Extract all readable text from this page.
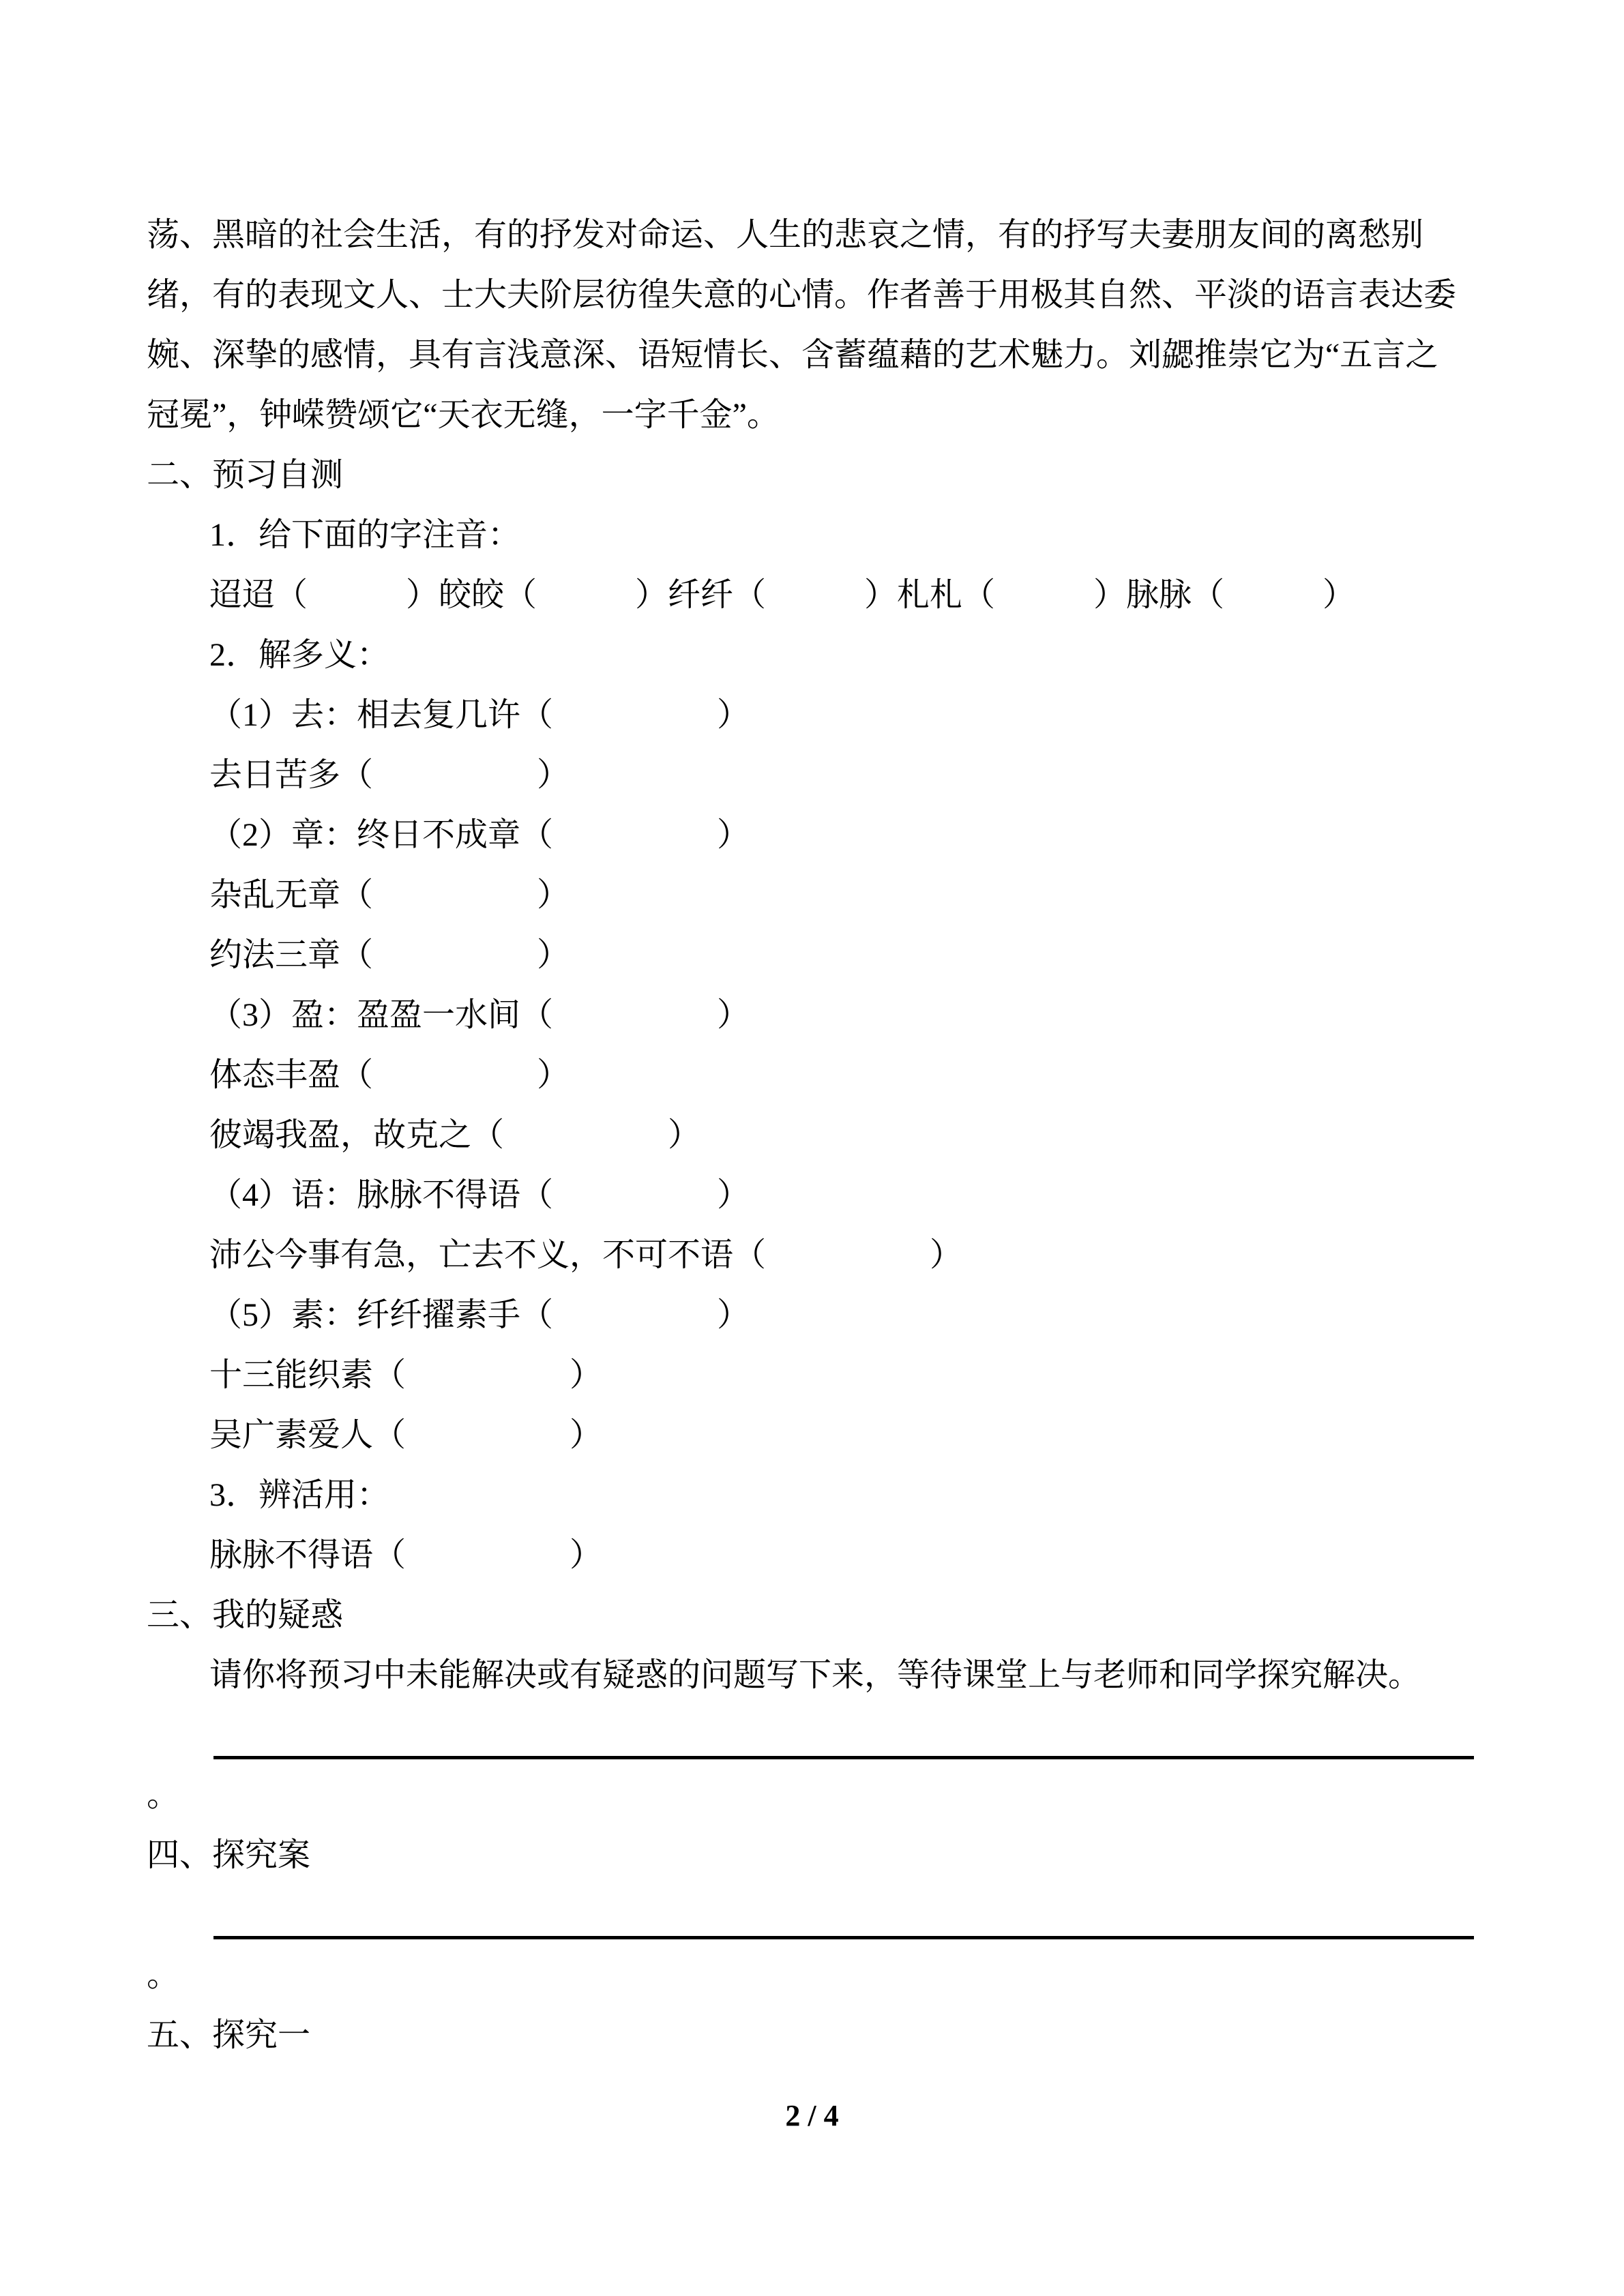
荡、黑暗的社会生活，有的抒发对命运、人生的悲哀之情，有的抒写夫妻朋友间的离愁别
绪，有的表现文人、士大夫阶层彷徨失意的心情。作者善于用极其自然、平淡的语言表达委
婉、深挚的感情，具有言浅意深、语短情长、含蓄蕴藉的艺术魅力。刘勰推崇它为“五言之
冠冕”，钟嵘赞颂它“天衣无缝，一字千金”。
二、预习自测
1．给下面的字注音：
迢迢（　　　）皎皎（　　　）纤纤（　　　）札札（　　　）脉脉（　　　）
2．解多义：
（1）去：相去复几许（　　　　　）
去日苦多（　　　　　）
（2）章：终日不成章（　　　　　）
杂乱无章（　　　　　）
约法三章（　　　　　）
（3）盈：盈盈一水间（　　　　　）
体态丰盈（　　　　　）
彼竭我盈，故克之（　　　　　）
（4）语：脉脉不得语（　　　　　）
沛公今事有急，亡去不义，不可不语（　　　　　）
（5）素：纤纤擢素手（　　　　　）
十三能织素（　　　　　）
吴广素爱人（　　　　　）
3．辨活用：
脉脉不得语（　　　　　）
三、我的疑惑
请你将预习中未能解决或有疑惑的问题写下来，等待课堂上与老师和同学探究解决。
。
四、探究案
。
五、探究一
2 / 4
